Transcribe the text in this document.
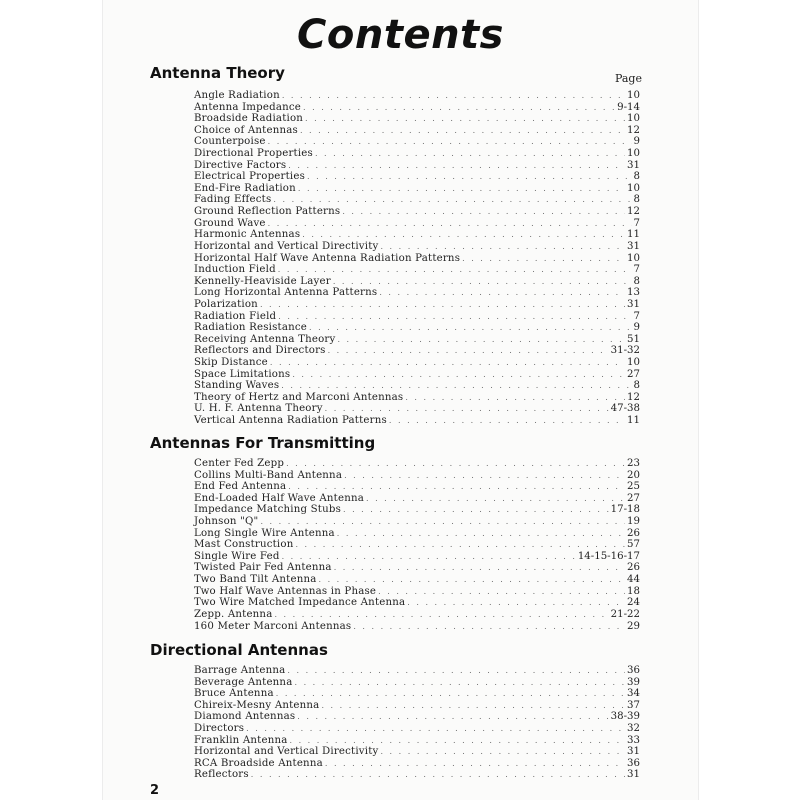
Contents
Antenna Theory	Page
Angle Radiation . . .	10
Antenna Impedance . . .	9-14
Broadside Radiation . . .	10
Choice of Antennas . . .	12
Counterpoise . . .	9
Directional Properties . . .	10
Directive Factors . . .	31
Electrical Properties . . .	8
End-Fire Radiation . . .	10
Fading Effects . . .	8
Ground Reflection Patterns . . .	12
Ground Wave . . .	7
Harmonic Antennas . . .	11
Horizontal and Vertical Directivity . . .	31
Horizontal Half Wave Antenna Radiation Patterns . . .	10
Induction Field . . .	7
Kennelly-Heaviside Layer . . .	8
Long Horizontal Antenna Patterns . . .	13
Polarization . . .	31
Radiation Field . . .	7
Radiation Resistance . . .	9
Receiving Antenna Theory . . .	51
Reflectors and Directors . . .	31-32
Skip Distance . . .	10
Space Limitations . . .	27
Standing Waves . . .	8
Theory of Hertz and Marconi Antennas . . .	12
U. H. F. Antenna Theory . . .	47-38
Vertical Antenna Radiation Patterns . . .	11
Antennas For Transmitting
Center Fed Zepp . . .	23
Collins Multi-Band Antenna . . .	20
End Fed Antenna . . .	25
End-Loaded Half Wave Antenna . . .	27
Impedance Matching Stubs . . .	17-18
Johnson "Q" . . .	19
Long Single Wire Antenna . . .	26
Mast Construction . . .	57
Single Wire Fed . . .	14-15-16-17
Twisted Pair Fed Antenna . . .	26
Two Band Tilt Antenna . . .	44
Two Half Wave Antennas in Phase . . .	18
Two Wire Matched Impedance Antenna . . .	24
Zepp. Antenna . . .	21-22
160 Meter Marconi Antennas . . .	29
Directional Antennas
Barrage Antenna . . .	36
Beverage Antenna . . .	39
Bruce Antenna . . .	34
Chireix-Mesny Antenna . . .	37
Diamond Antennas . . .	38-39
Directors . . .	32
Franklin Antenna . . .	33
Horizontal and Vertical Directivity . . .	31
RCA Broadside Antenna . . .	36
Reflectors . . .	31
2
